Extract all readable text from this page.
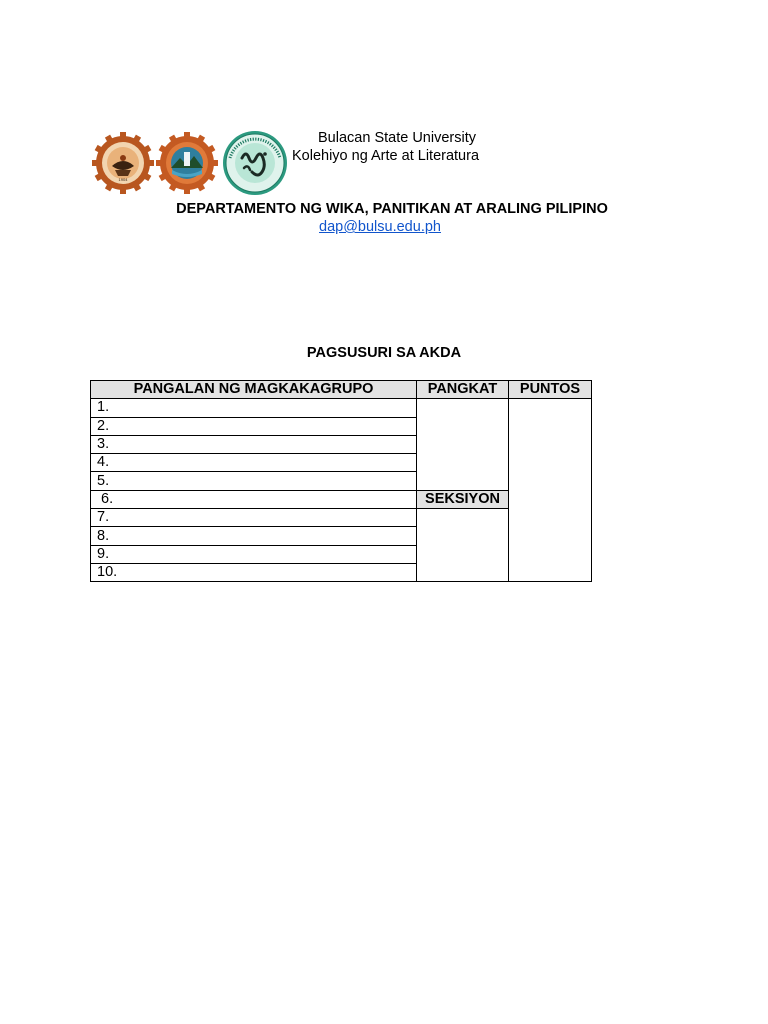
1904
Bulacan State University
Kolehiyo ng Arte at Literatura
DEPARTAMENTO NG WIKA, PANITIKAN AT ARALING PILIPINO
dap@bulsu.edu.ph
PAGSUSURI SA AKDA
PANGALAN NG MAGKAKAGRUPO	PANGKAT	PUNTOS
1.		
2.		
3.		
4.		
5.		
6.	SEKSIYON	
7.		
8.		
9.		
10.		
